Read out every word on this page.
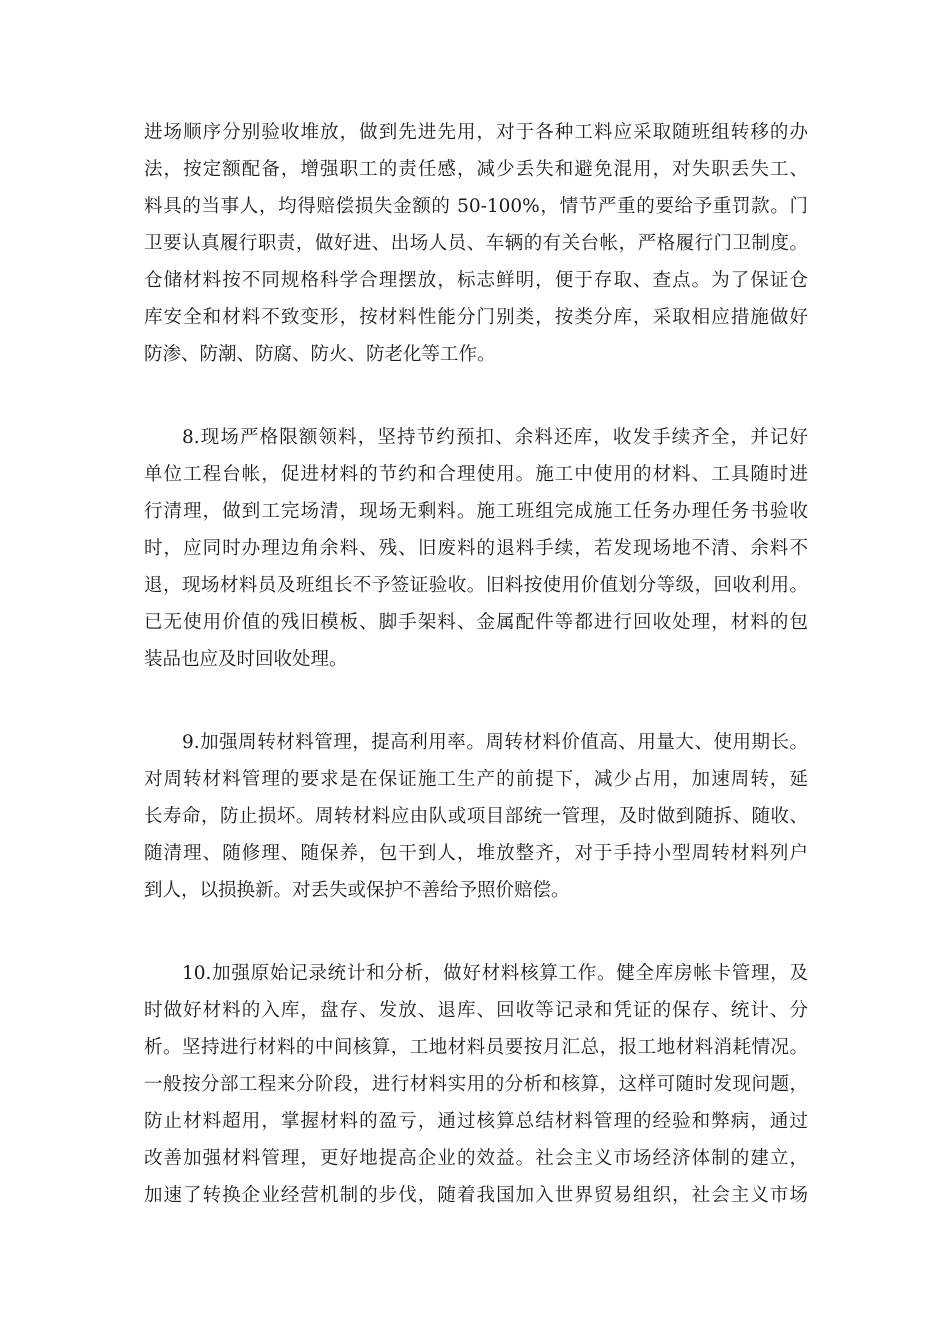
进场顺序分别验收堆放，做到先进先用，对于各种工料应采取随班组转移的办
法，按定额配备，增强职工的责任感，减少丢失和避免混用，对失职丢失工、
料具的当事人，均得赔偿损失金额的 50-100%，情节严重的要给予重罚款。门
卫要认真履行职责，做好进、出场人员、车辆的有关台帐，严格履行门卫制度。
仓储材料按不同规格科学合理摆放，标志鲜明，便于存取、查点。为了保证仓
库安全和材料不致变形，按材料性能分门别类，按类分库，采取相应措施做好
防渗、防潮、防腐、防火、防老化等工作。
8.现场严格限额领料，坚持节约预扣、余料还库，收发手续齐全，并记好
单位工程台帐，促进材料的节约和合理使用。施工中使用的材料、工具随时进
行清理，做到工完场清，现场无剩料。施工班组完成施工任务办理任务书验收
时，应同时办理边角余料、残、旧废料的退料手续，若发现场地不清、余料不
退，现场材料员及班组长不予签证验收。旧料按使用价值划分等级，回收利用。
已无使用价值的残旧模板、脚手架料、金属配件等都进行回收处理，材料的包
装品也应及时回收处理。
9.加强周转材料管理，提高利用率。周转材料价值高、用量大、使用期长。
对周转材料管理的要求是在保证施工生产的前提下，减少占用，加速周转，延
长寿命，防止损坏。周转材料应由队或项目部统一管理，及时做到随拆、随收、
随清理、随修理、随保养，包干到人，堆放整齐，对于手持小型周转材料列户
到人，以损换新。对丢失或保护不善给予照价赔偿。
10.加强原始记录统计和分析，做好材料核算工作。健全库房帐卡管理，及
时做好材料的入库，盘存、发放、退库、回收等记录和凭证的保存、统计、分
析。坚持进行材料的中间核算，工地材料员要按月汇总，报工地材料消耗情况。
一般按分部工程来分阶段，进行材料实用的分析和核算，这样可随时发现问题，
防止材料超用，掌握材料的盈亏，通过核算总结材料管理的经验和弊病，通过
改善加强材料管理，更好地提高企业的效益。社会主义市场经济体制的建立，
加速了转换企业经营机制的步伐，随着我国加入世界贸易组织，社会主义市场
